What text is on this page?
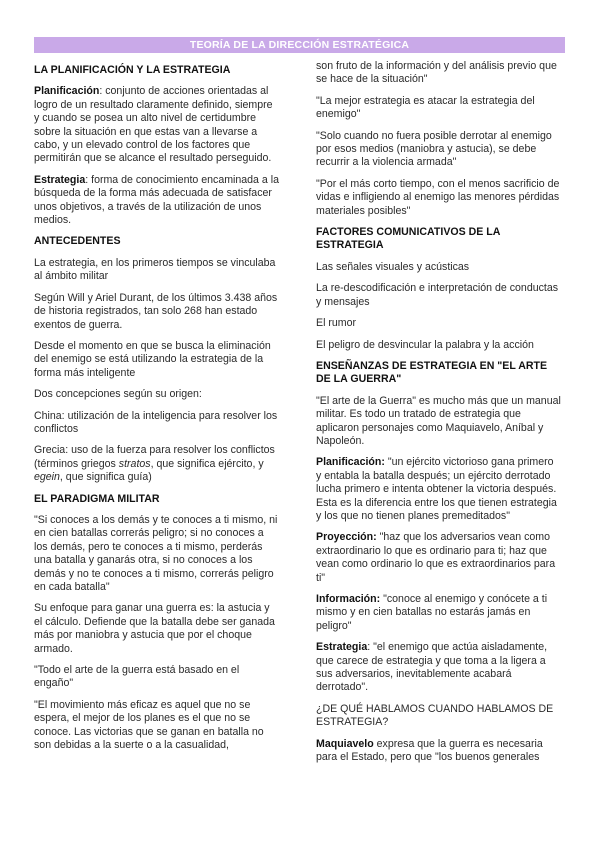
TEORÍA DE LA DIRECCIÓN ESTRATÉGICA
LA PLANIFICACIÓN Y LA ESTRATEGIA

Planificación: conjunto de acciones orientadas al logro de un resultado claramente definido, siempre y cuando se posea un alto nivel de certidumbre sobre la situación en que estas van a llevarse a cabo, y un elevado control de los factores que permitirán que se alcance el resultado perseguido.

Estrategia: forma de conocimiento encaminada a la búsqueda de la forma más adecuada de satisfacer unos objetivos, a través de la utilización de unos medios.

ANTECEDENTES

La estrategia, en los primeros tiempos se vinculaba al ámbito militar

Según Will y Ariel Durant, de los últimos 3.438 años de historia registrados, tan solo 268 han estado exentos de guerra.

Desde el momento en que se busca la eliminación del enemigo se está utilizando la estrategia de la forma más inteligente

Dos concepciones según su origen:

China: utilización de la inteligencia para resolver los conflictos

Grecia: uso de la fuerza para resolver los conflictos (términos griegos stratos, que significa ejército, y egein, que significa guía)

EL PARADIGMA MILITAR

"Si conoces a los demás y te conoces a ti mismo, ni en cien batallas correrás peligro; si no conoces a los demás, pero te conoces a ti mismo, perderás una batalla y ganarás otra, si no conoces a los demás y no te conoces a ti mismo, correrás peligro en cada batalla"

Su enfoque para ganar una guerra es: la astucia y el cálculo. Defiende que la batalla debe ser ganada más por maniobra y astucia que por el choque armado.

"Todo el arte de la guerra está basado en el engaño"

"El movimiento más eficaz es aquel que no se espera, el mejor de los planes es el que no se conoce. Las victorias que se ganan en batalla no son debidas a la suerte o a la casualidad,

son fruto de la información y del análisis previo que se hace de la situación"

"La mejor estrategia es atacar la estrategia del enemigo"

"Solo cuando no fuera posible derrotar al enemigo por esos medios (maniobra y astucia), se debe recurrir a la violencia armada"

"Por el más corto tiempo, con el menos sacrificio de vidas e infligiendo al enemigo las menores pérdidas materiales posibles"

FACTORES COMUNICATIVOS DE LA ESTRATEGIA

Las señales visuales y acústicas

La re-descodificación e interpretación de conductas y mensajes

El rumor

El peligro de desvincular la palabra y la acción

ENSEÑANZAS DE ESTRATEGIA EN "EL ARTE DE LA GUERRA"

"El arte de la Guerra" es mucho más que un manual militar. Es todo un tratado de estrategia que aplicaron personajes como Maquiavelo, Aníbal y Napoleón.

Planificación: "un ejército victorioso gana primero y entabla la batalla después; un ejército derrotado lucha primero e intenta obtener la victoria después. Esta es la diferencia entre los que tienen estrategia y los que no tienen planes premeditados"

Proyección: "haz que los adversarios vean como extraordinario lo que es ordinario para ti; haz que vean como ordinario lo que es extraordinarios para ti"

Información: "conoce al enemigo y conócete a ti mismo y en cien batallas no estarás jamás en peligro"

Estrategia: "el enemigo que actúa aisladamente, que carece de estrategia y que toma a la ligera a sus adversarios, inevitablemente acabará derrotado".

¿DE QUÉ HABLAMOS CUANDO HABLAMOS DE ESTRATEGIA?

Maquiavelo expresa que la guerra es necesaria para el Estado, pero que "los buenos generales
